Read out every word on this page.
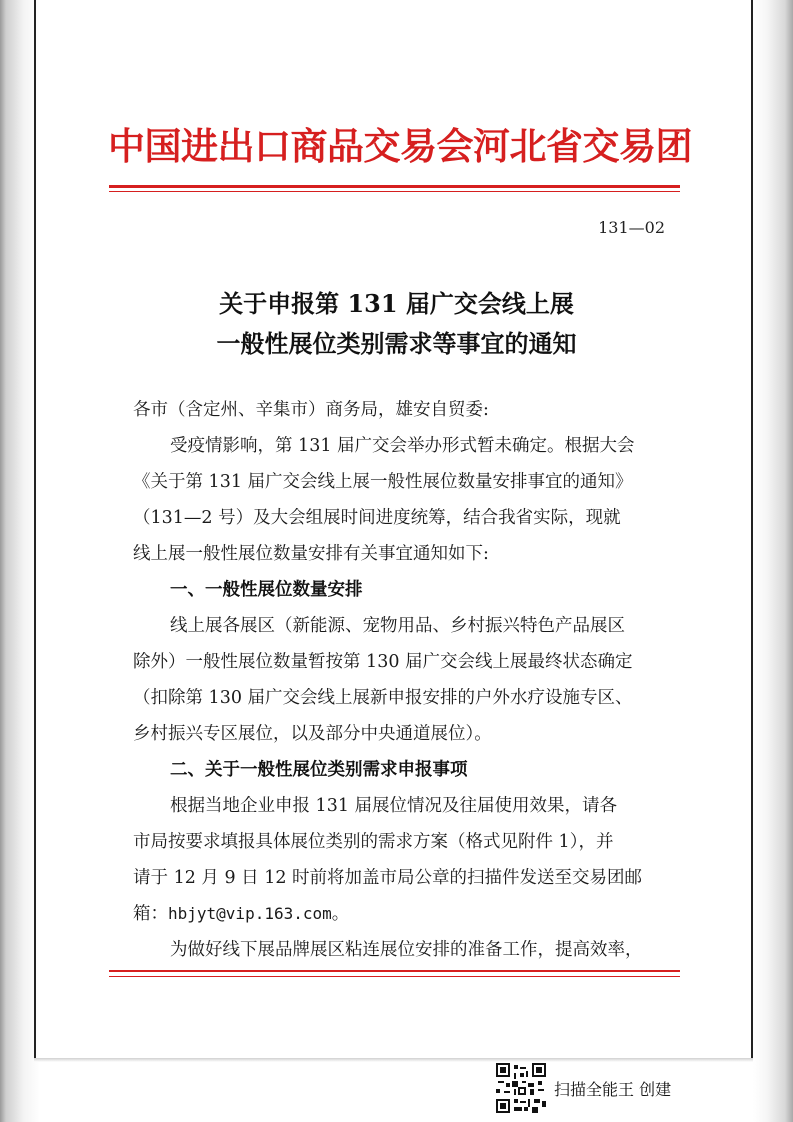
中国进出口商品交易会河北省交易团
131—02
关于申报第 131 届广交会线上展
一般性展位类别需求等事宜的通知
各市（含定州、辛集市）商务局，雄安自贸委:
受疫情影响，第 131 届广交会举办形式暂未确定。根据大会
《关于第 131 届广交会线上展一般性展位数量安排事宜的通知》
（131—2 号）及大会组展时间进度统筹，结合我省实际，现就
线上展一般性展位数量安排有关事宜通知如下:
一、一般性展位数量安排
线上展各展区（新能源、宠物用品、乡村振兴特色产品展区
除外）一般性展位数量暂按第 130 届广交会线上展最终状态确定
（扣除第 130 届广交会线上展新申报安排的户外水疗设施专区、
乡村振兴专区展位，以及部分中央通道展位）。
二、关于一般性展位类别需求申报事项
根据当地企业申报 131 届展位情况及往届使用效果，请各
市局按要求填报具体展位类别的需求方案（格式见附件 1），并
请于 12 月 9 日 12 时前将加盖市局公章的扫描件发送至交易团邮
箱：hbjyt@vip.163.com。
为做好线下展品牌展区粘连展位安排的准备工作，提高效率，
扫描全能王 创建
